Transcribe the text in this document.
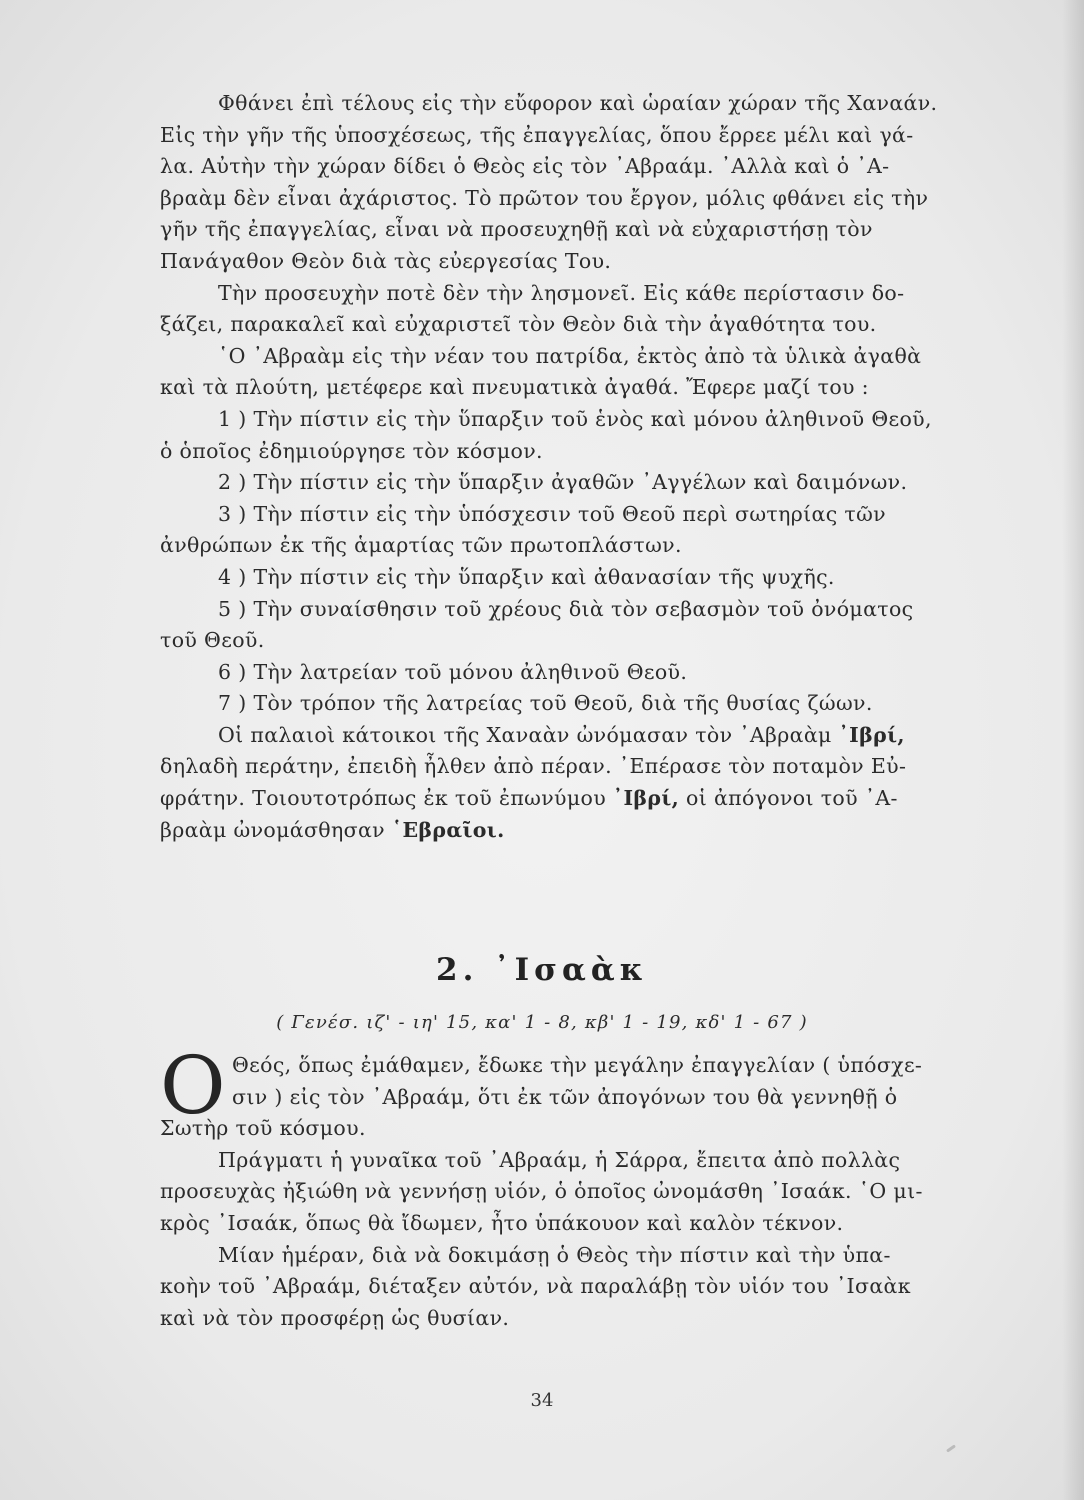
Φθάνει ἐπὶ τέλους εἰς τὴν εὔφορον καὶ ὡραίαν χώραν τῆς Χαναάν.
Εἰς τὴν γῆν τῆς ὑποσχέσεως, τῆς ἐπαγγελίας, ὅπου ἔρρεε μέλι καὶ γά-
λα. Αὐτὴν τὴν χώραν δίδει ὁ Θεὸς εἰς τὸν ᾿Αβραάμ. ᾿Αλλὰ καὶ ὁ ᾿Α-
βραὰμ δὲν εἶναι ἀχάριστος. Τὸ πρῶτον του ἔργον, μόλις φθάνει εἰς τὴν
γῆν τῆς ἐπαγγελίας, εἶναι νὰ προσευχηθῇ καὶ νὰ εὐχαριστήσῃ τὸν
Πανάγαθον Θεὸν διὰ τὰς εὐεργεσίας Του.
Τὴν προσευχὴν ποτὲ δὲν τὴν λησμονεῖ. Εἰς κάθε περίστασιν δο-
ξάζει, παρακαλεῖ καὶ εὐχαριστεῖ τὸν Θεὸν διὰ τὴν ἀγαθότητα του.
῾Ο ᾿Αβραὰμ εἰς τὴν νέαν του πατρίδα, ἐκτὸς ἀπὸ τὰ ὑλικὰ ἀγαθὰ
καὶ τὰ πλούτη, μετέφερε καὶ πνευματικὰ ἀγαθά. Ἔφερε μαζί του :
1 ) Τὴν πίστιν εἰς τὴν ὕπαρξιν τοῦ ἑνὸς καὶ μόνου ἀληθινοῦ Θεοῦ,
ὁ ὁποῖος ἐδημιούργησε τὸν κόσμον.
2 ) Τὴν πίστιν εἰς τὴν ὕπαρξιν ἀγαθῶν ᾿Αγγέλων καὶ δαιμόνων.
3 ) Τὴν πίστιν εἰς τὴν ὑπόσχεσιν τοῦ Θεοῦ περὶ σωτηρίας τῶν
ἀνθρώπων ἐκ τῆς ἁμαρτίας τῶν πρωτοπλάστων.
4 ) Τὴν πίστιν εἰς τὴν ὕπαρξιν καὶ ἀθανασίαν τῆς ψυχῆς.
5 ) Τὴν συναίσθησιν τοῦ χρέους διὰ τὸν σεβασμὸν τοῦ ὀνόματος
τοῦ Θεοῦ.
6 ) Τὴν λατρείαν τοῦ μόνου ἀληθινοῦ Θεοῦ.
7 ) Τὸν τρόπον τῆς λατρείας τοῦ Θεοῦ, διὰ τῆς θυσίας ζώων.
Οἱ παλαιοὶ κάτοικοι τῆς Χαναὰν ὠνόμασαν τὸν ᾿Αβραὰμ ᾿Ιβρί,
δηλαδὴ περάτην, ἐπειδὴ ἦλθεν ἀπὸ πέραν. ᾿Επέρασε τὸν ποταμὸν Εὐ-
φράτην. Τοιουτοτρόπως ἐκ τοῦ ἐπωνύμου ᾿Ιβρί, οἱ ἀπόγονοι τοῦ ᾿Α-
βραὰμ ὠνομάσθησαν ῾Εβραῖοι.
2. ᾿Ισαὰκ
( Γενέσ. ιζ' - ιη' 15, κα' 1 - 8, κβ' 1 - 19, κδ' 1 - 67 )
Ο Θεός, ὅπως ἐμάθαμεν, ἔδωκε τὴν μεγάλην ἐπαγγελίαν ( ὑπόσχε-
σιν ) εἰς τὸν ᾿Αβραάμ, ὅτι ἐκ τῶν ἀπογόνων του θὰ γεννηθῇ ὁ
Σωτὴρ τοῦ κόσμου.
Πράγματι ἡ γυναῖκα τοῦ ᾿Αβραάμ, ἡ Σάρρα, ἔπειτα ἀπὸ πολλὰς
προσευχὰς ἠξιώθη νὰ γεννήσῃ υἱόν, ὁ ὁποῖος ὠνομάσθη ᾿Ισαάκ. ῾Ο μι-
κρὸς ᾿Ισαάκ, ὅπως θὰ ἴδωμεν, ἦτο ὑπάκουον καὶ καλὸν τέκνον.
Μίαν ἡμέραν, διὰ νὰ δοκιμάσῃ ὁ Θεὸς τὴν πίστιν καὶ τὴν ὑπα-
κοὴν τοῦ ᾿Αβραάμ, διέταξεν αὐτόν, νὰ παραλάβῃ τὸν υἱόν του ᾿Ισαὰκ
καὶ νὰ τὸν προσφέρῃ ὡς θυσίαν.
34
